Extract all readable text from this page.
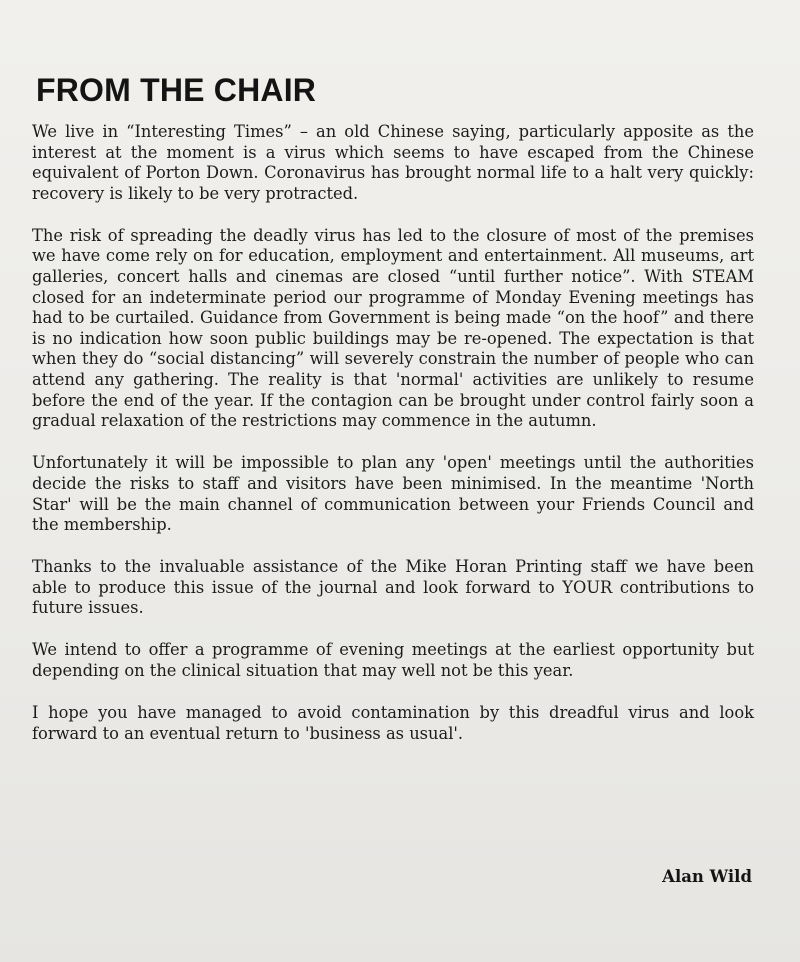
FROM THE CHAIR

We live in “Interesting Times” – an old Chinese saying, particularly apposite as the interest at the moment is a virus which seems to have escaped from the Chinese equivalent of Porton Down. Coronavirus has brought normal life to a halt very quickly: recovery is likely to be very protracted.

The risk of spreading the deadly virus has led to the closure of most of the premises we have come rely on for education, employment and entertainment. All museums, art galleries, concert halls and cinemas are closed “until further notice”. With STEAM closed for an indeterminate period our programme of Monday Evening meetings has had to be curtailed. Guidance from Government is being made “on the hoof” and there is no indication how soon public buildings may be re-opened. The expectation is that when they do “social distancing” will severely constrain the number of people who can attend any gathering. The reality is that 'normal' activities are unlikely to resume before the end of the year. If the contagion can be brought under control fairly soon a gradual relaxation of the restrictions may commence in the autumn.

Unfortunately it will be impossible to plan any 'open' meetings until the authorities decide the risks to staff and visitors have been minimised. In the meantime 'North Star' will be the main channel of communication between your Friends Council and the membership.

Thanks to the invaluable assistance of the Mike Horan Printing staff we have been able to produce this issue of the journal and look forward to YOUR contributions to future issues.

We intend to offer a programme of evening meetings at the earliest opportunity but depending on the clinical situation that may well not be this year.

I hope you have managed to avoid contamination by this dreadful virus and look forward to an eventual return to 'business as usual'.

Alan Wild
